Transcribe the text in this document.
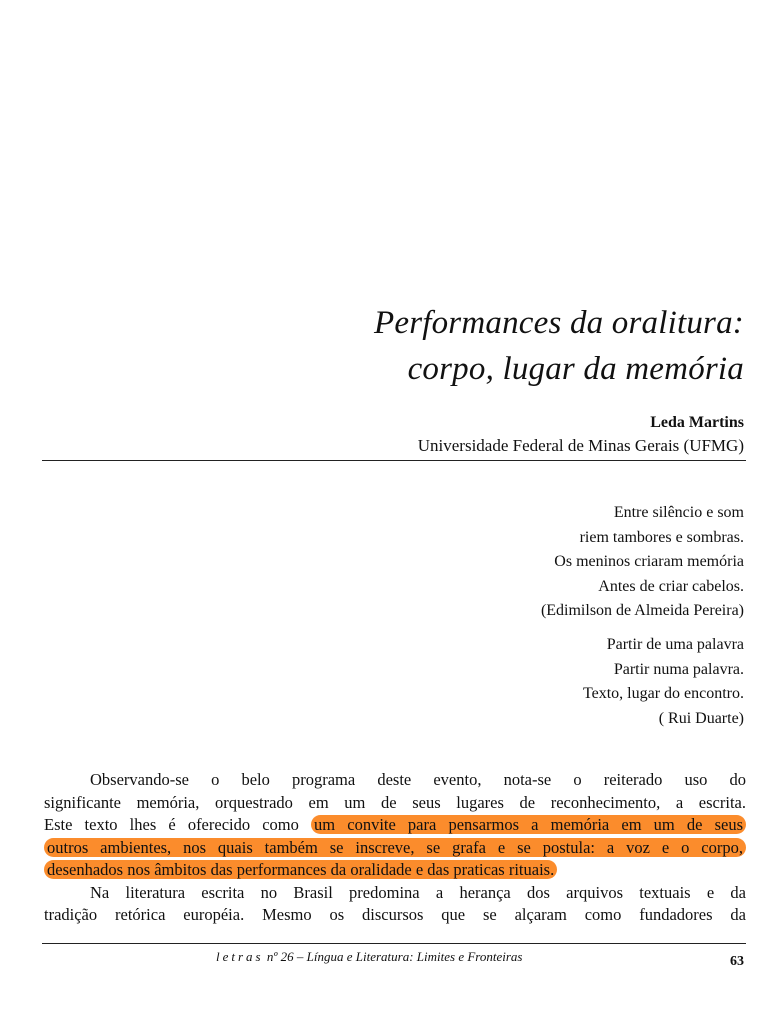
Performances da oralitura:
corpo, lugar da memória
Leda Martins
Universidade Federal de Minas Gerais (UFMG)
Entre silêncio e som
riem tambores e sombras.
Os meninos criaram memória
Antes de criar cabelos.
(Edimilson de Almeida Pereira)
Partir de uma palavra
Partir numa palavra.
Texto, lugar do encontro.
( Rui Duarte)
Observando-se o belo programa deste evento, nota-se o reiterado uso do
significante memória, orquestrado em um de seus lugares de reconhecimento, a escrita.
Este texto lhes é oferecido como um convite para pensarmos a memória em um de seus
outros ambientes, nos quais também se inscreve, se grafa e se postula: a voz e o corpo,
desenhados nos âmbitos das performances da oralidade e das praticas rituais.
Na literatura escrita no Brasil predomina a herança dos arquivos textuais e da
tradição retórica européia. Mesmo os discursos que se alçaram como fundadores da
letras nº 26 – Língua e Literatura: Limites e Fronteiras	63
